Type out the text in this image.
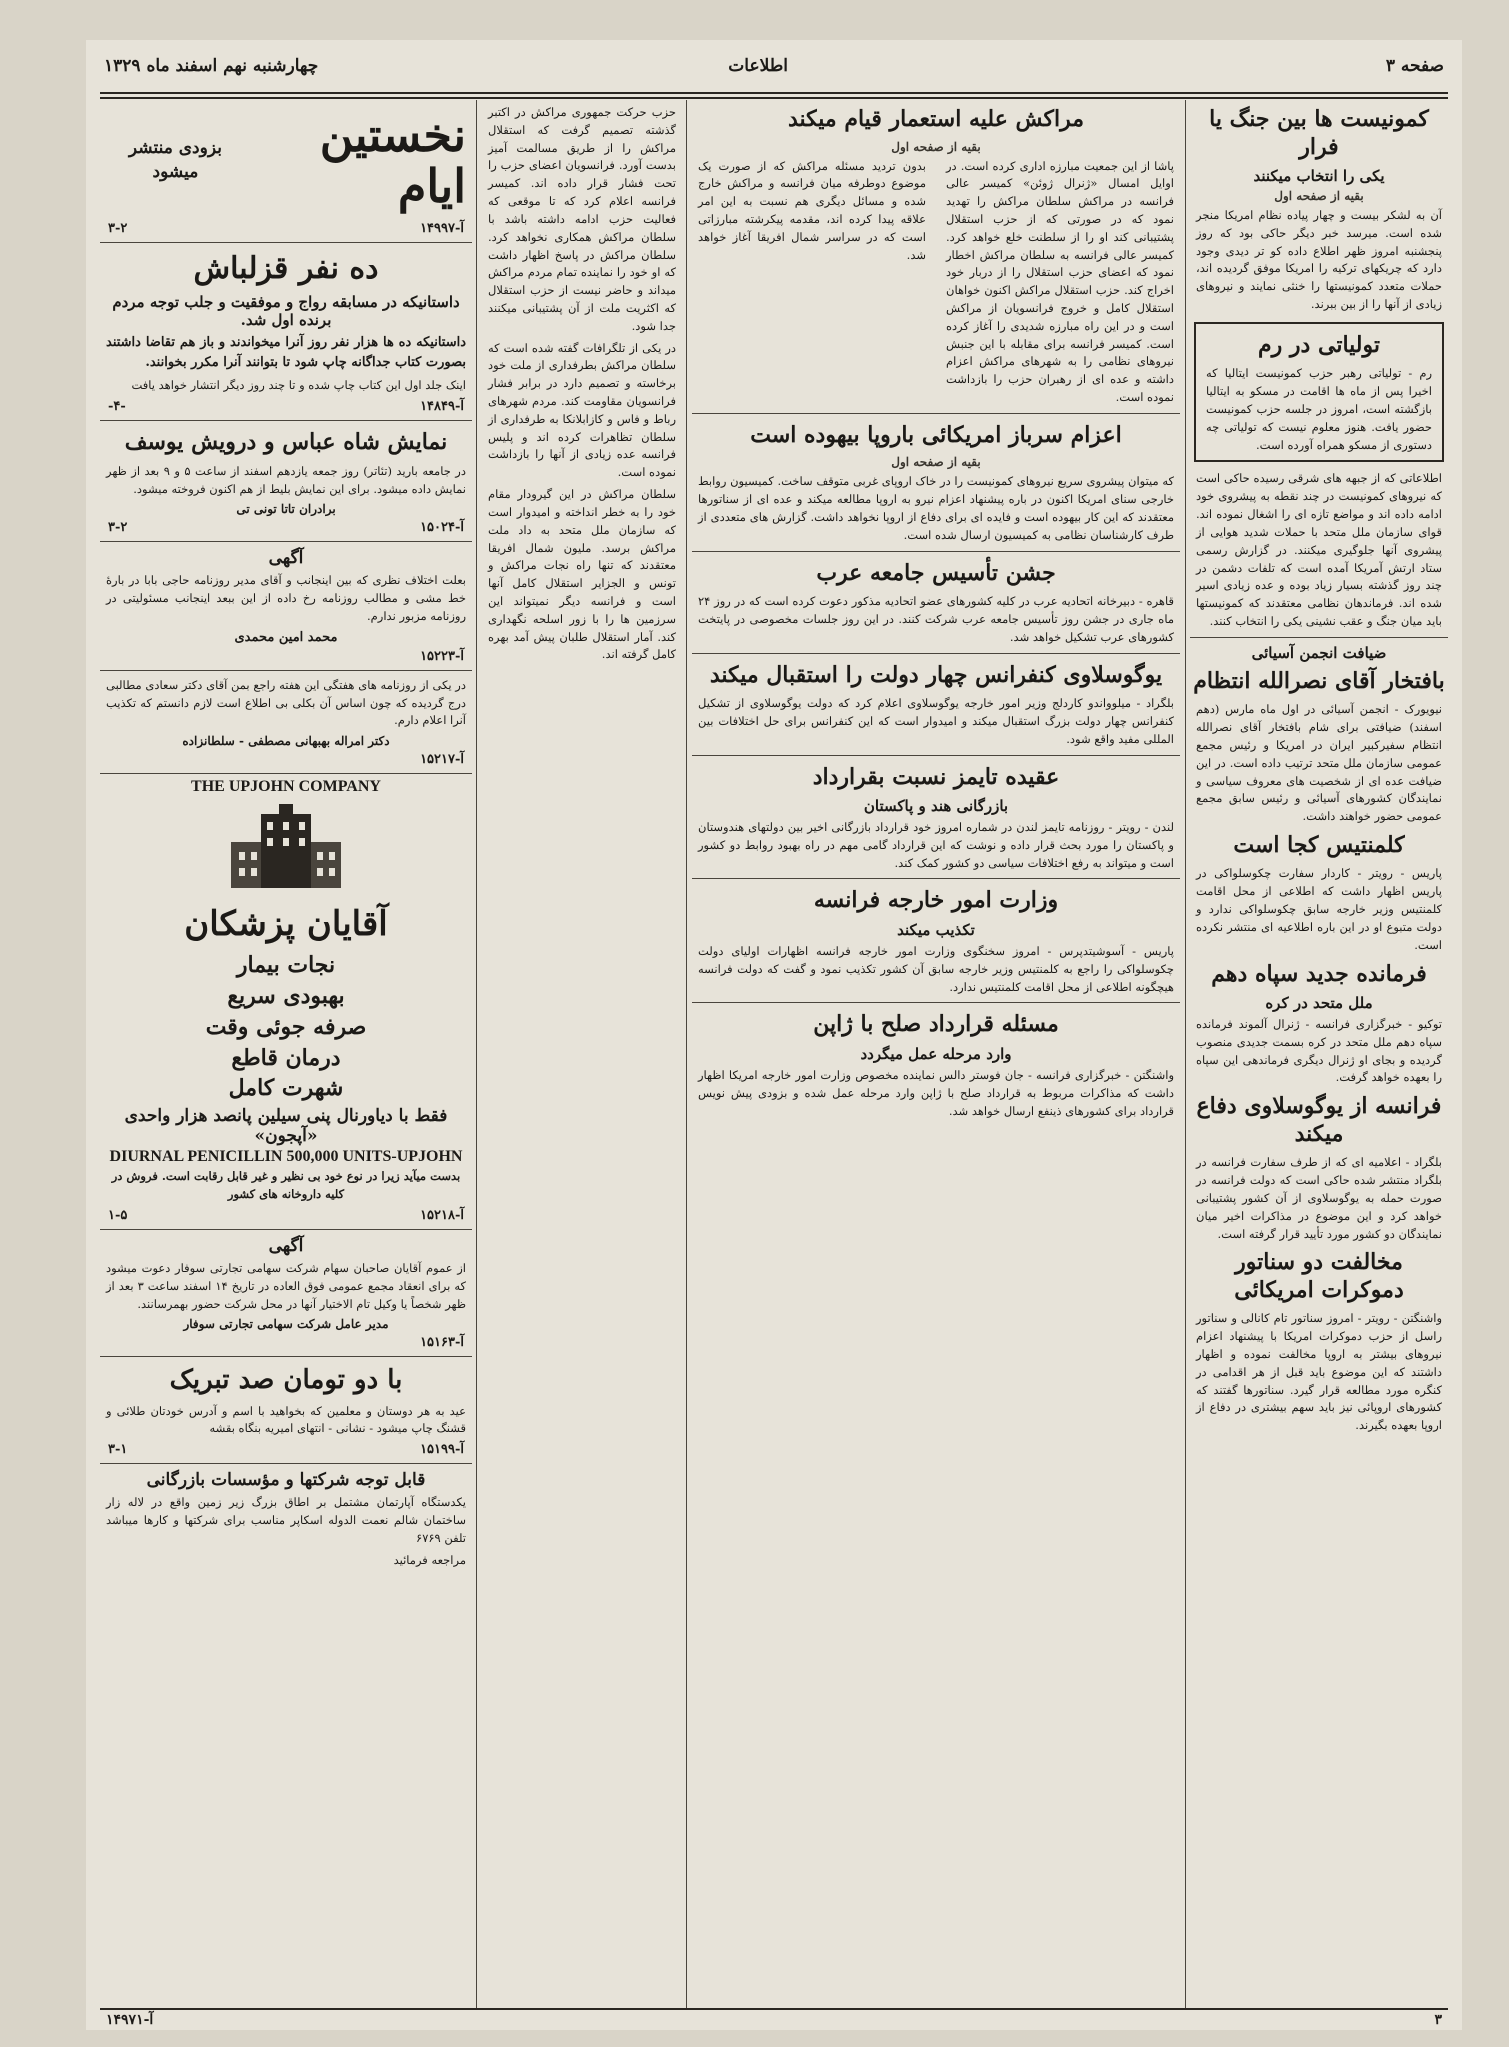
صفحه ۳
اطلاعات
چهارشنبه نهم اسفند ماه ۱۳۲۹
کمونیست ها بین جنگ یا فرار
یکی را انتخاب میکنند
بقیه از صفحه اول
آن به لشکر بیست و چهار پیاده نظام امریکا منجر شده است. میرسد خبر دیگر حاکی بود که روز پنجشنبه امروز ظهر اطلاع داده کو تر دیدی وجود دارد که چریکهای ترکیه را امریکا موفق گردیده اند، حملات متعدد کمونیستها را خنثی نمایند و نیروهای زیادی از آنها را از بین ببرند.
تولیاتی در رم
رم - تولیاتی رهبر حزب کمونیست ایتالیا که اخیرا پس از ماه ها اقامت در مسکو به ایتالیا بازگشته است، امروز در جلسه حزب کمونیست حضور یافت. هنوز معلوم نیست که تولیاتی چه دستوری از مسکو همراه آورده است.
اطلاعاتی که از جبهه های شرقی رسیده حاکی است که نیروهای کمونیست در چند نقطه به پیشروی خود ادامه داده اند و مواضع تازه ای را اشغال نموده اند. قوای سازمان ملل متحد با حملات شدید هوایی از پیشروی آنها جلوگیری میکنند. در گزارش رسمی ستاد ارتش آمریکا آمده است که تلفات دشمن در چند روز گذشته بسیار زیاد بوده و عده زیادی اسیر شده اند. فرماندهان نظامی معتقدند که کمونیستها باید میان جنگ و عقب نشینی یکی را انتخاب کنند.
ضیافت انجمن آسیائی
بافتخار آقای نصرالله انتظام
نیویورک - انجمن آسیائی در اول ماه مارس (دهم اسفند) ضیافتی برای شام بافتخار آقای نصرالله انتظام سفیرکبیر ایران در امریکا و رئیس مجمع عمومی سازمان ملل متحد ترتیب داده است. در این ضیافت عده ای از شخصیت های معروف سیاسی و نمایندگان کشورهای آسیائی و رئیس سابق مجمع عمومی حضور خواهند داشت.
کلمنتیس کجا است
پاریس - رویتر - کاردار سفارت چکوسلواکی در پاریس اظهار داشت که اطلاعی از محل اقامت کلمنتیس وزیر خارجه سابق چکوسلواکی ندارد و دولت متبوع او در این باره اطلاعیه ای منتشر نکرده است.
فرمانده جدید سپاه دهم
ملل متحد در کره
توکیو - خبرگزاری فرانسه - ژنرال آلموند فرمانده سپاه دهم ملل متحد در کره بسمت جدیدی منصوب گردیده و بجای او ژنرال دیگری فرماندهی این سپاه را بعهده خواهد گرفت.
فرانسه از یوگوسلاوی دفاع میکند
بلگراد - اعلامیه ای که از طرف سفارت فرانسه در بلگراد منتشر شده حاکی است که دولت فرانسه در صورت حمله به یوگوسلاوی از آن کشور پشتیبانی خواهد کرد و این موضوع در مذاکرات اخیر میان نمایندگان دو کشور مورد تأیید قرار گرفته است.
مخالفت دو سناتور دموکرات امریکائی
واشنگتن - رویتر - امروز سناتور تام کانالی و سناتور راسل از حزب دموکرات امریکا با پیشنهاد اعزام نیروهای بیشتر به اروپا مخالفت نموده و اظهار داشتند که این موضوع باید قبل از هر اقدامی در کنگره مورد مطالعه قرار گیرد. سناتورها گفتند که کشورهای اروپائی نیز باید سهم بیشتری در دفاع از اروپا بعهده بگیرند.
مراکش علیه استعمار قیام میکند
بقیه از صفحه اول
پاشا از این جمعیت مبارزه اداری کرده است. در اوایل امسال «ژنرال ژوئن» کمیسر عالی فرانسه در مراکش سلطان مراکش را تهدید نمود که در صورتی که از حزب استقلال پشتیبانی کند او را از سلطنت خلع خواهد کرد. کمیسر عالی فرانسه به سلطان مراکش اخطار نمود که اعضای حزب استقلال را از دربار خود اخراج کند. حزب استقلال مراکش اکنون خواهان استقلال کامل و خروج فرانسویان از مراکش است و در این راه مبارزه شدیدی را آغاز کرده است. کمیسر فرانسه برای مقابله با این جنبش نیروهای نظامی را به شهرهای مراکش اعزام داشته و عده ای از رهبران حزب را بازداشت نموده است.
بدون تردید مسئله مراکش که از صورت یک موضوع دوطرفه میان فرانسه و مراکش خارج شده و مسائل دیگری هم نسبت به این امر علاقه پیدا کرده اند، مقدمه پیکرشته مبارزاتی است که در سراسر شمال افریقا آغاز خواهد شد.
اعزام سرباز امریکائی باروپا بیهوده است
بقیه از صفحه اول
که میتوان پیشروی سریع نیروهای کمونیست را در خاک اروپای غربی متوقف ساخت. کمیسیون روابط خارجی سنای امریکا اکنون در باره پیشنهاد اعزام نیرو به اروپا مطالعه میکند و عده ای از سناتورها معتقدند که این کار بیهوده است و فایده ای برای دفاع از اروپا نخواهد داشت. گزارش های متعددی از طرف کارشناسان نظامی به کمیسیون ارسال شده است.
جشن تأسیس جامعه عرب
قاهره - دبیرخانه اتحادیه عرب در کلیه کشورهای عضو اتحادیه مذکور دعوت کرده است که در روز ۲۴ ماه جاری در جشن روز تأسیس جامعه عرب شرکت کنند. در این روز جلسات مخصوصی در پایتخت کشورهای عرب تشکیل خواهد شد.
یوگوسلاوی کنفرانس چهار دولت را استقبال میکند
بلگراد - میلوواندو کاردلج وزیر امور خارجه یوگوسلاوی اعلام کرد که دولت یوگوسلاوی از تشکیل کنفرانس چهار دولت بزرگ استقبال میکند و امیدوار است که این کنفرانس برای حل اختلافات بین المللی مفید واقع شود.
عقیده تایمز نسبت بقرارداد
بازرگانی هند و پاکستان
لندن - رویتر - روزنامه تایمز لندن در شماره امروز خود قرارداد بازرگانی اخیر بین دولتهای هندوستان و پاکستان را مورد بحث قرار داده و نوشت که این قرارداد گامی مهم در راه بهبود روابط دو کشور است و میتواند به رفع اختلافات سیاسی دو کشور کمک کند.
وزارت امور خارجه فرانسه
تکذیب میکند
پاریس - آسوشیتدپرس - امروز سخنگوی وزارت امور خارجه فرانسه اظهارات اولیای دولت چکوسلواکی را راجع به کلمنتیس وزیر خارجه سابق آن کشور تکذیب نمود و گفت که دولت فرانسه هیچگونه اطلاعی از محل اقامت کلمنتیس ندارد.
مسئله قرارداد صلح با ژاپن
وارد مرحله عمل میگردد
واشنگتن - خبرگزاری فرانسه - جان فوستر دالس نماینده مخصوص وزارت امور خارجه امریکا اظهار داشت که مذاکرات مربوط به قرارداد صلح با ژاپن وارد مرحله عمل شده و بزودی پیش نویس قرارداد برای کشورهای ذینفع ارسال خواهد شد.
حزب حرکت جمهوری مراکش در اکتبر گذشته تصمیم گرفت که استقلال مراکش را از طریق مسالمت آمیز بدست آورد. فرانسویان اعضای حزب را تحت فشار قرار داده اند. کمیسر فرانسه اعلام کرد که تا موقعی که فعالیت حزب ادامه داشته باشد با سلطان مراکش همکاری نخواهد کرد. سلطان مراکش در پاسخ اظهار داشت که او خود را نماینده تمام مردم مراکش میداند و حاضر نیست از حزب استقلال که اکثریت ملت از آن پشتیبانی میکنند جدا شود.
در یکی از تلگرافات گفته شده است که سلطان مراکش بطرفداری از ملت خود برخاسته و تصمیم دارد در برابر فشار فرانسویان مقاومت کند. مردم شهرهای رباط و فاس و کازابلانکا به طرفداری از سلطان تظاهرات کرده اند و پلیس فرانسه عده زیادی از آنها را بازداشت نموده است.
سلطان مراکش در این گیرودار مقام خود را به خطر انداخته و امیدوار است که سازمان ملل متحد به داد ملت مراکش برسد. ملیون شمال افریقا معتقدند که تنها راه نجات مراکش و تونس و الجزایر استقلال کامل آنها است و فرانسه دیگر نمیتواند این سرزمین ها را با زور اسلحه نگهداری کند. آمار استقلال طلبان پیش آمد بهره کامل گرفته اند.
نخستین ایام
بزودی منتشر میشود
آ-۱۴۹۹۷
۳-۲
ده نفر قزلباش
داستانیکه در مسابقه رواج و موفقیت و جلب توجه مردم برنده اول شد.
داستانیکه ده ها هزار نفر روز آنرا میخواندند و باز هم تقاضا داشتند بصورت کتاب جداگانه چاپ شود تا بتوانند آنرا مکرر بخوانند.
اینک جلد اول این کتاب چاپ شده و تا چند روز دیگر انتشار خواهد یافت
آ-۱۴۸۴۹
-۴-
نمایش شاه عباس و درویش یوسف
در جامعه بارید (تئاتر) روز جمعه یازدهم اسفند از ساعت ۵ و ۹ بعد از ظهر نمایش داده میشود. برای این نمایش بلیط از هم اکنون فروخته میشود.
برادران تاتا تونی تی
آ-۱۵۰۲۴
۳-۲
آگهی
بعلت اختلاف نظری که بین اینجانب و آقای مدیر روزنامه حاجی بابا در بارۀ خط مشی و مطالب روزنامه رخ داده از این ببعد اینجانب مسئولیتی در روزنامه مزبور ندارم.
محمد امین محمدی
آ-۱۵۲۲۳
در یکی از روزنامه های هفتگی این هفته راجع بمن آقای دکتر سعادی مطالبی درج گردیده که چون اساس آن بکلی بی اطلاع است لازم دانستم که تکذیب آنرا اعلام دارم.
دکتر امراله بهبهانی مصطفی - سلطانزاده
آ-۱۵۲۱۷
THE UPJOHN COMPANY
آقایان پزشکان
نجات بیمار
بهبودی سریع
صرفه جوئی وقت
درمان قاطع
شهرت کامل
فقط با دیاورنال پنی سیلین پانصد هزار واحدی «آپجون»
DIURNAL PENICILLIN 500,000 UNITS-UPJOHN
بدست میآید زیرا در نوع خود بی نظیر و غیر قابل رقابت است. فروش در کلیه داروخانه های کشور
آ-۱۵۲۱۸
۱-۵
آگهی
از عموم آقایان صاحبان سهام شرکت سهامی تجارتی سوفار دعوت میشود که برای انعقاد مجمع عمومی فوق العاده در تاریخ ۱۴ اسفند ساعت ۳ بعد از ظهر شخصاً یا وکیل تام الاختیار آنها در محل شرکت حضور بهمرسانند.
مدیر عامل شرکت سهامی تجارتی سوفار
آ-۱۵۱۶۳
با دو تومان صد تبریک
عید به هر دوستان و معلمین که بخواهید با اسم و آدرس خودتان طلائی و قشنگ چاپ میشود - نشانی - انتهای امیریه بنگاه بقشه
آ-۱۵۱۹۹
۳-۱
قابل توجه شرکتها و مؤسسات بازرگانی
یکدستگاه آپارتمان مشتمل بر اطاق بزرگ زیر زمین واقع در لاله زار ساختمان شالم نعمت الدوله اسکاپر مناسب برای شرکتها و کارها میباشد تلفن ۶۷۶۹
مراجعه فرمائید
آ-۱۴۹۷۱	۳
